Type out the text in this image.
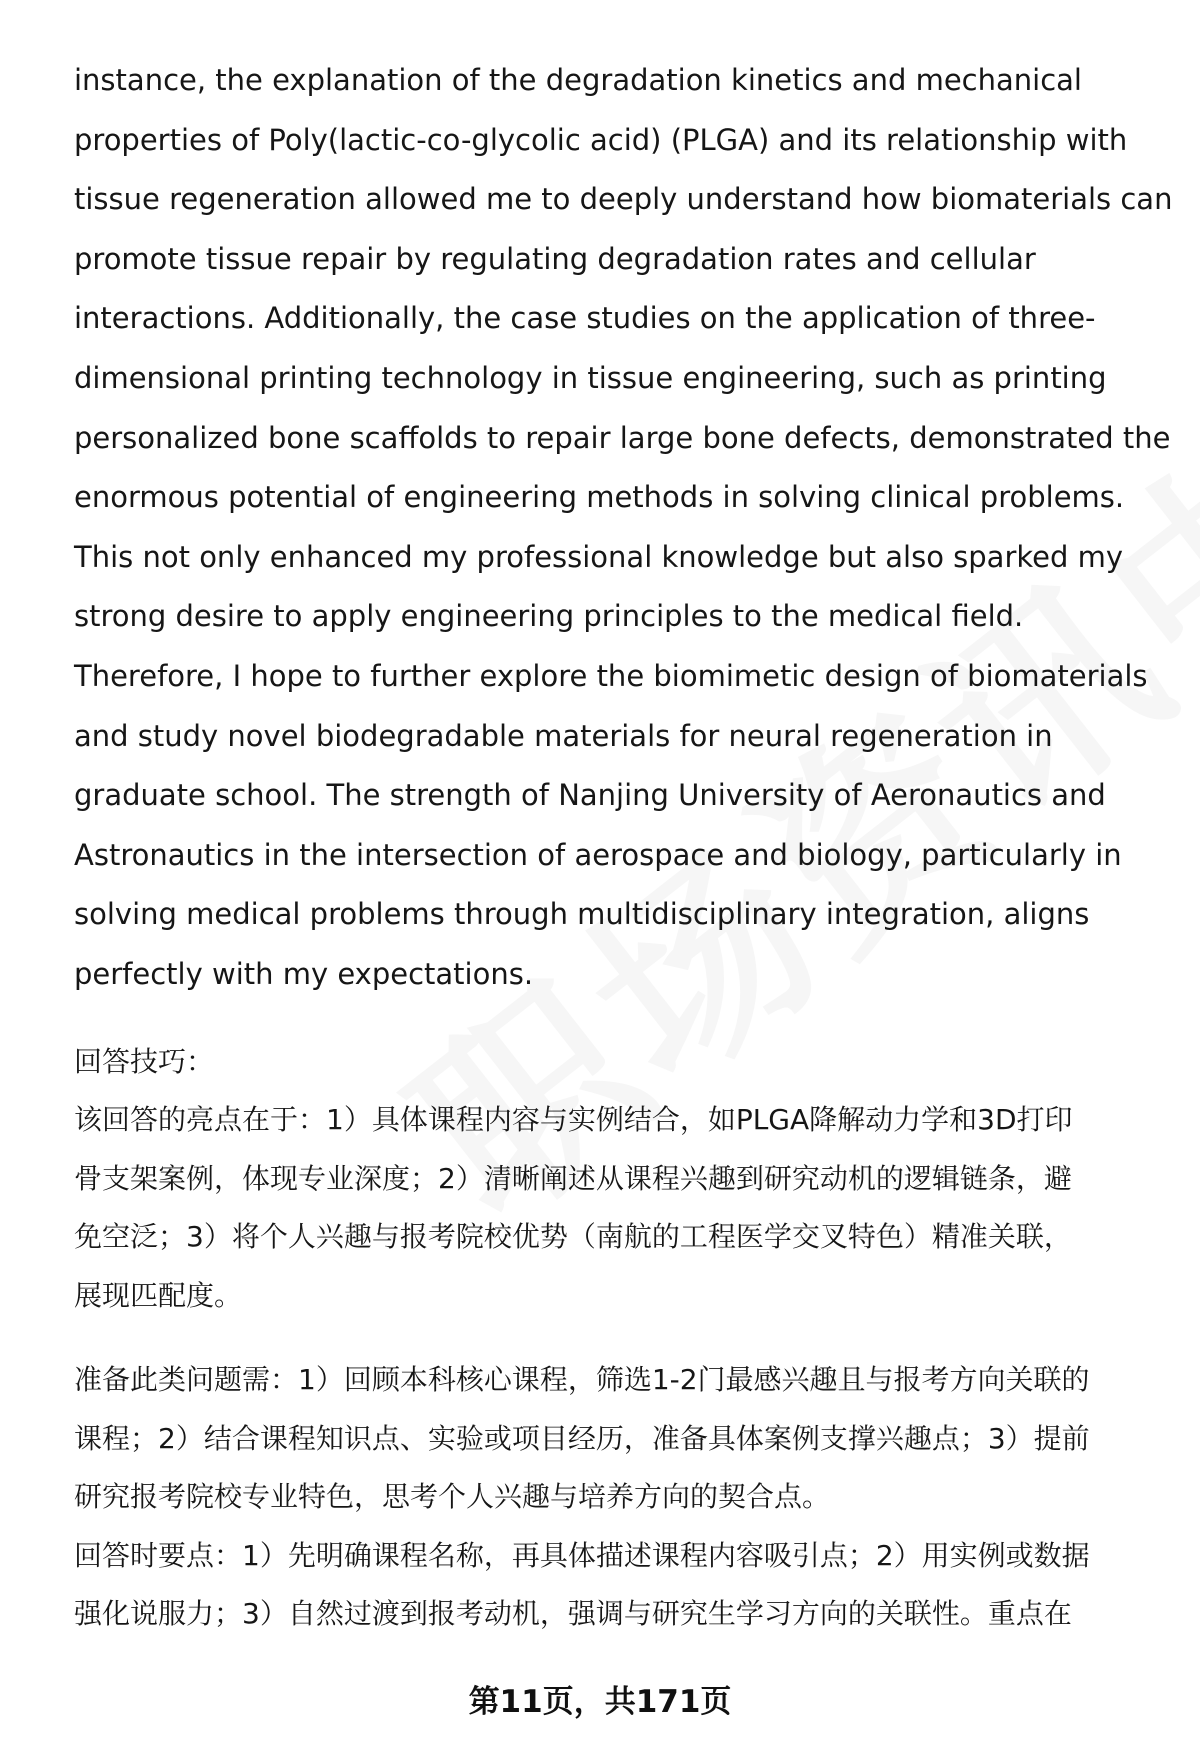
instance, the explanation of the degradation kinetics and mechanical
properties of Poly(lactic-co-glycolic acid) (PLGA) and its relationship with
tissue regeneration allowed me to deeply understand how biomaterials can
promote tissue repair by regulating degradation rates and cellular
interactions. Additionally, the case studies on the application of three-
dimensional printing technology in tissue engineering, such as printing
personalized bone scaffolds to repair large bone defects, demonstrated the
enormous potential of engineering methods in solving clinical problems.
This not only enhanced my professional knowledge but also sparked my
strong desire to apply engineering principles to the medical field.
Therefore, I hope to further explore the biomimetic design of biomaterials
and study novel biodegradable materials for neural regeneration in
graduate school. The strength of Nanjing University of Aeronautics and
Astronautics in the intersection of aerospace and biology, particularly in
solving medical problems through multidisciplinary integration, aligns
perfectly with my expectations.
回答技巧：
该回答的亮点在于：1）具体课程内容与实例结合，如PLGA降解动力学和3D打印
骨支架案例，体现专业深度；2）清晰阐述从课程兴趣到研究动机的逻辑链条，避
免空泛；3）将个人兴趣与报考院校优势（南航的工程医学交叉特色）精准关联，
展现匹配度。
准备此类问题需：1）回顾本科核心课程，筛选1-2门最感兴趣且与报考方向关联的
课程；2）结合课程知识点、实验或项目经历，准备具体案例支撑兴趣点；3）提前
研究报考院校专业特色，思考个人兴趣与培养方向的契合点。
回答时要点：1）先明确课程名称，再具体描述课程内容吸引点；2）用实例或数据
强化说服力；3）自然过渡到报考动机，强调与研究生学习方向的关联性。重点在
第11页，共171页
